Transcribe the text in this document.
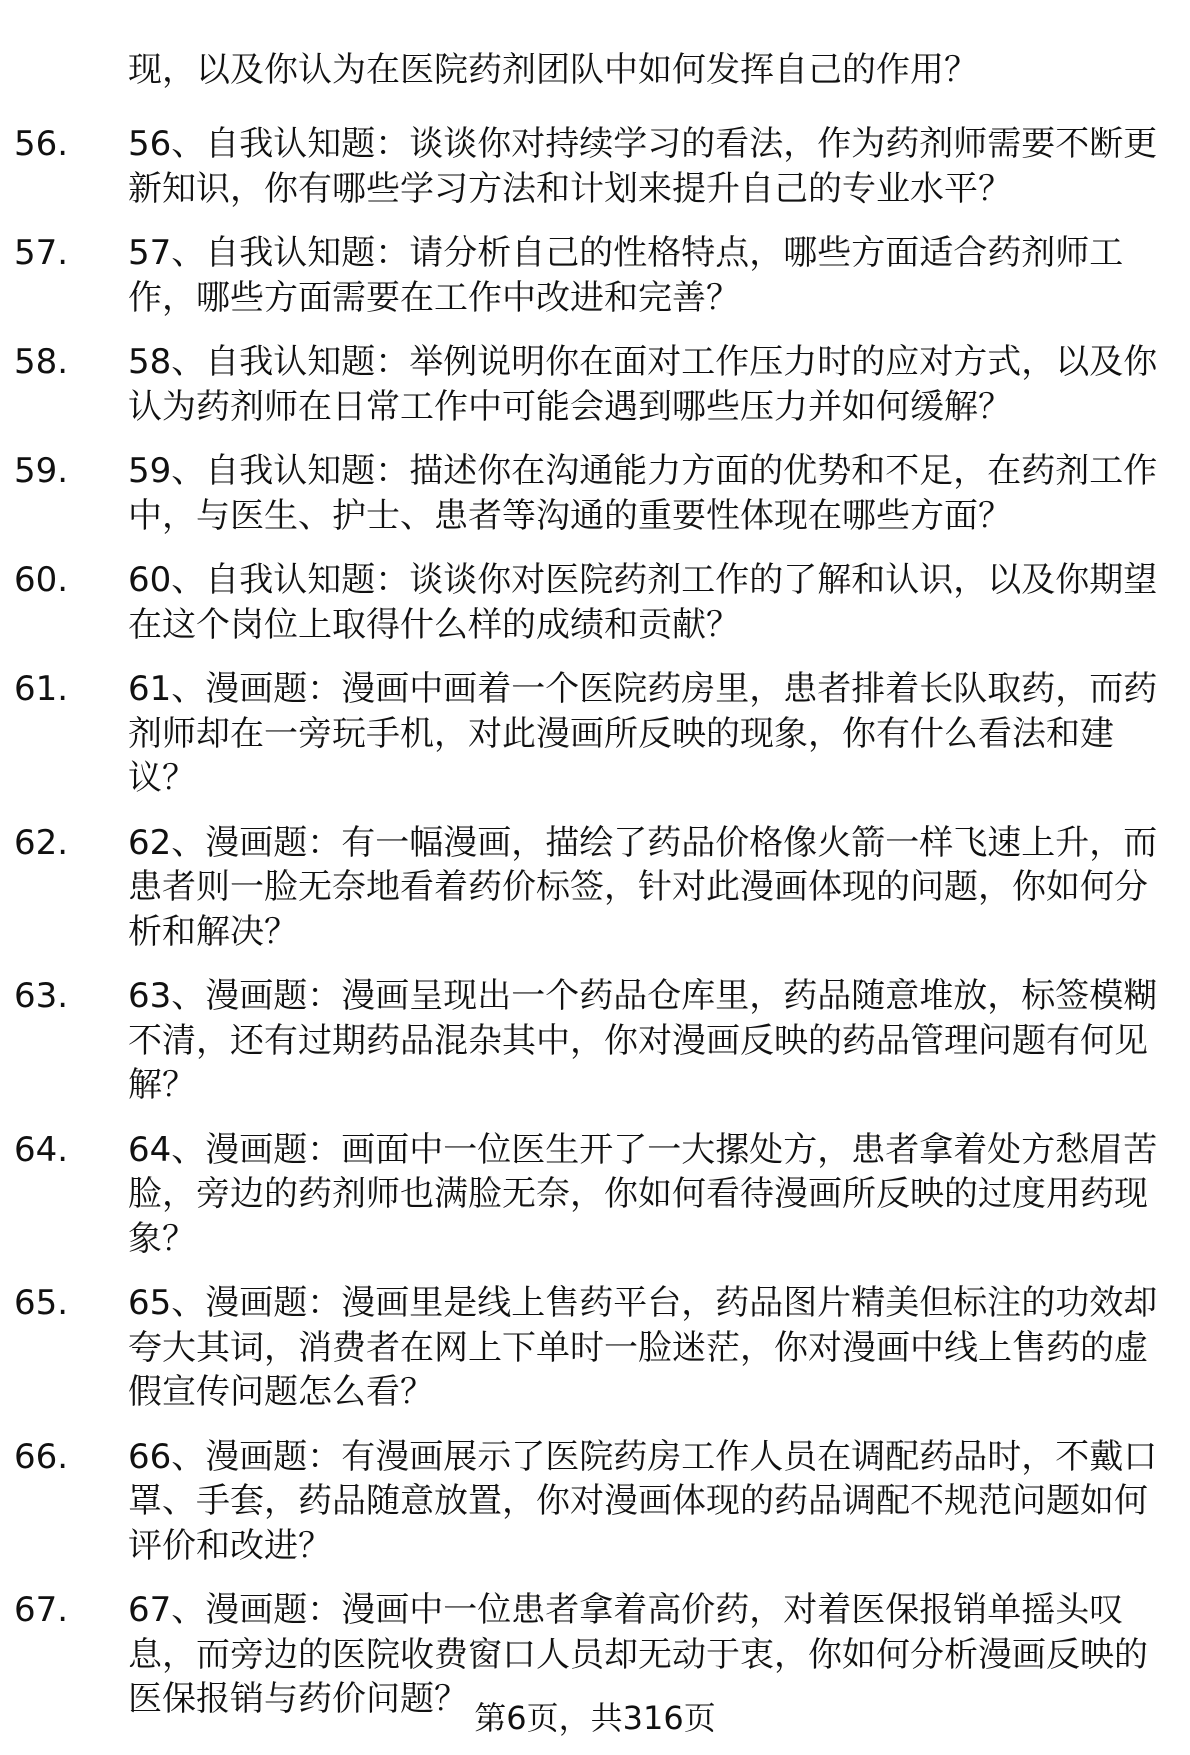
现，以及你认为在医院药剂团队中如何发挥自己的作用？
56.	56、自我认知题：谈谈你对持续学习的看法，作为药剂师需要不断更新知识，你有哪些学习方法和计划来提升自己的专业水平？
57.	57、自我认知题：请分析自己的性格特点，哪些方面适合药剂师工作，哪些方面需要在工作中改进和完善？
58.	58、自我认知题：举例说明你在面对工作压力时的应对方式，以及你认为药剂师在日常工作中可能会遇到哪些压力并如何缓解？
59.	59、自我认知题：描述你在沟通能力方面的优势和不足，在药剂工作中，与医生、护士、患者等沟通的重要性体现在哪些方面？
60.	60、自我认知题：谈谈你对医院药剂工作的了解和认识，以及你期望在这个岗位上取得什么样的成绩和贡献？
61.	61、漫画题：漫画中画着一个医院药房里，患者排着长队取药，而药剂师却在一旁玩手机，对此漫画所反映的现象，你有什么看法和建议？
62.	62、漫画题：有一幅漫画，描绘了药品价格像火箭一样飞速上升，而患者则一脸无奈地看着药价标签，针对此漫画体现的问题，你如何分析和解决？
63.	63、漫画题：漫画呈现出一个药品仓库里，药品随意堆放，标签模糊不清，还有过期药品混杂其中，你对漫画反映的药品管理问题有何见解？
64.	64、漫画题：画面中一位医生开了一大摞处方，患者拿着处方愁眉苦脸，旁边的药剂师也满脸无奈，你如何看待漫画所反映的过度用药现象？
65.	65、漫画题：漫画里是线上售药平台，药品图片精美但标注的功效却夸大其词，消费者在网上下单时一脸迷茫，你对漫画中线上售药的虚假宣传问题怎么看？
66.	66、漫画题：有漫画展示了医院药房工作人员在调配药品时，不戴口罩、手套，药品随意放置，你对漫画体现的药品调配不规范问题如何评价和改进？
67.	67、漫画题：漫画中一位患者拿着高价药，对着医保报销单摇头叹息，而旁边的医院收费窗口人员却无动于衷，你如何分析漫画反映的医保报销与药价问题？ 第6页，共316页
